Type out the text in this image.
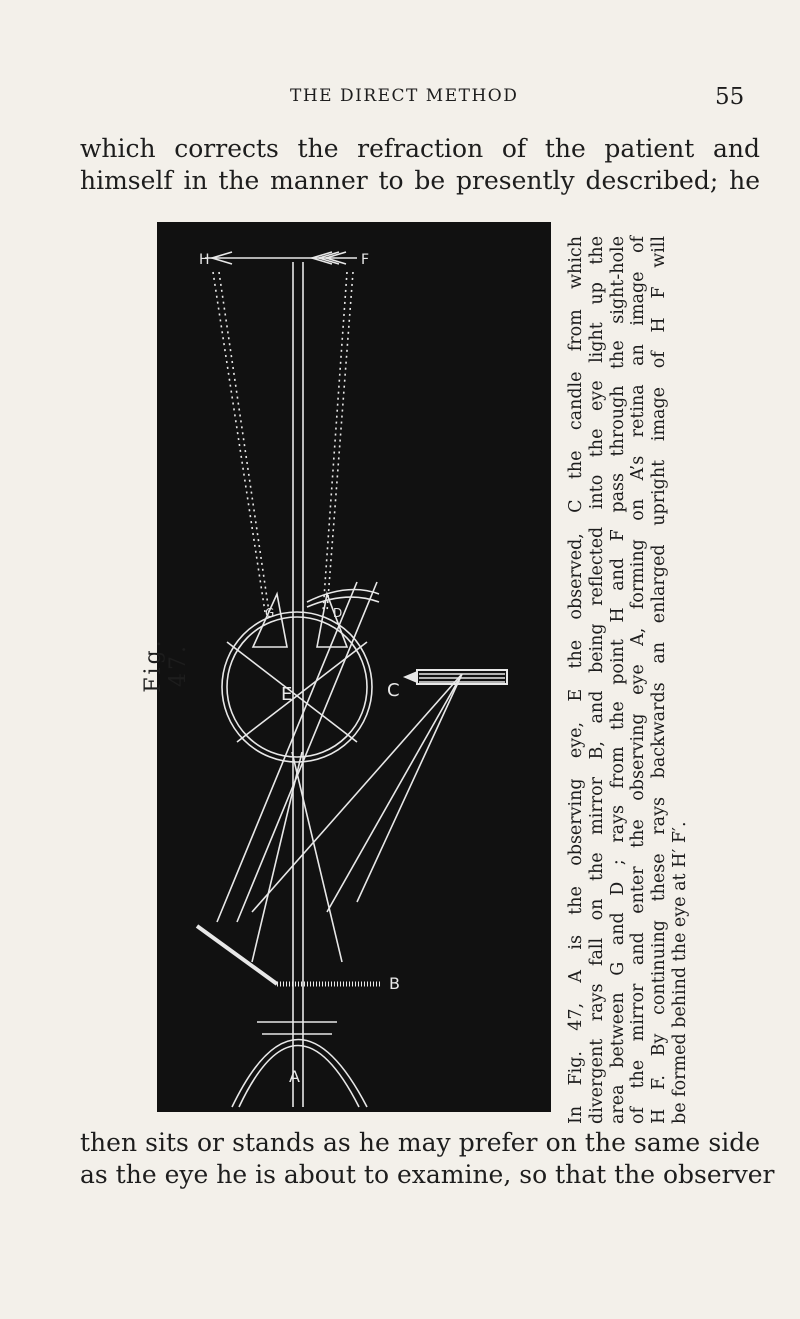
THE DIRECT METHOD	55
which corrects the refraction of the patient and
himself in the manner to be presently described; he
H	F
C
E
G	D
B
A
Fig. 47.	In Fig. 47, A is the observing eye, E the observed, C the candle from which divergent rays fall on the mirror B, and being reflected into the eye light up the area between G and D ; rays from the point H and F pass through the sight-hole of the mirror and enter the observing eye A, forming on A’s retina an image of H F. By continuing these rays backwards an enlarged upright image of H F will be formed behind the eye at H′ F′.

then sits or stands as he may prefer on the same side
as the eye he is about to examine, so that the observer
